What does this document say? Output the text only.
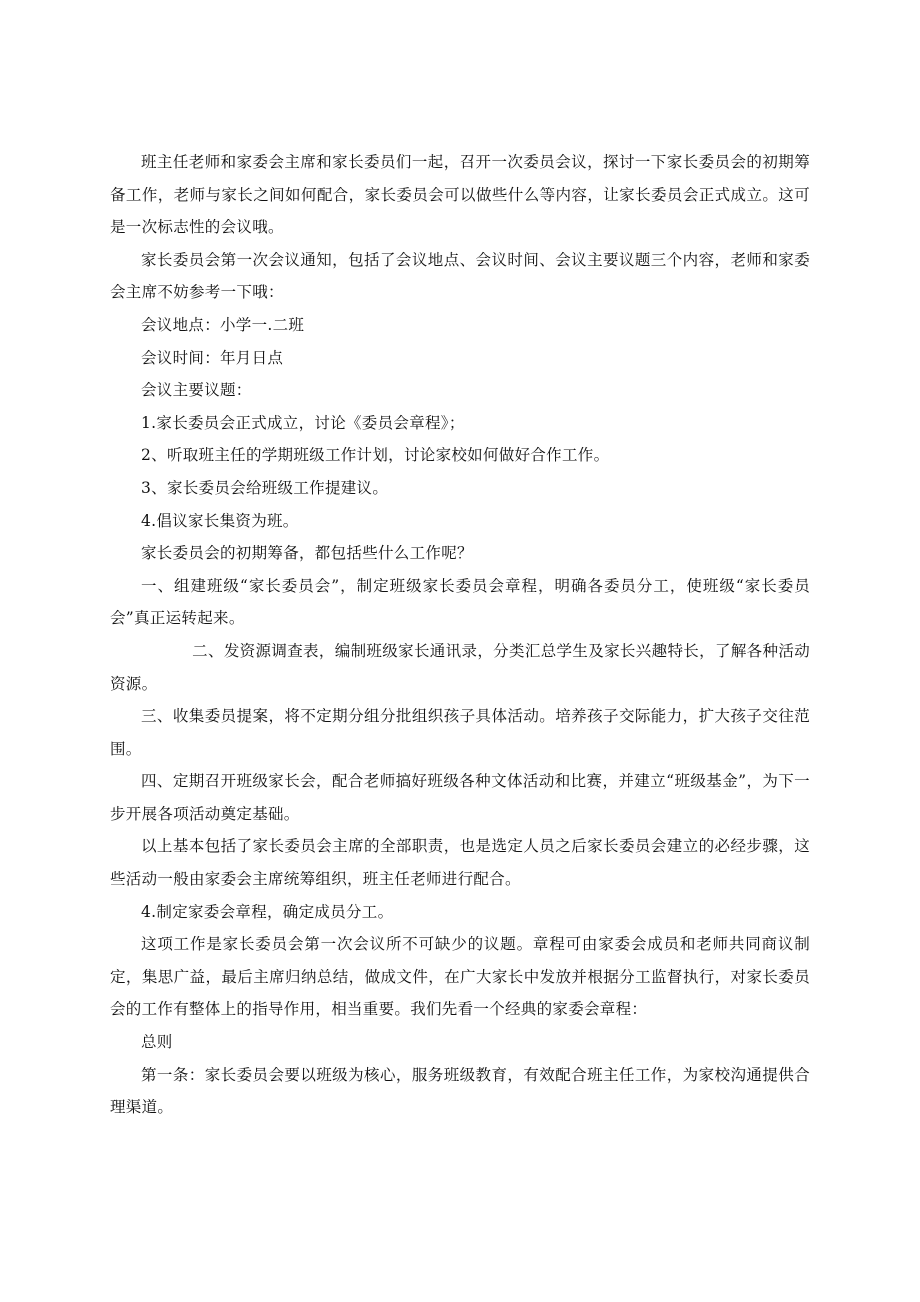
班主任老师和家委会主席和家长委员们一起，召开一次委员会议，探讨一下家长委员会的初期筹备工作，老师与家长之间如何配合，家长委员会可以做些什么等内容，让家长委员会正式成立。这可是一次标志性的会议哦。

家长委员会第一次会议通知，包括了会议地点、会议时间、会议主要议题三个内容，老师和家委会主席不妨参考一下哦：

会议地点：小学一.二班

会议时间：年月日点

会议主要议题：

1.家长委员会正式成立，讨论《委员会章程》；

2、听取班主任的学期班级工作计划，讨论家校如何做好合作工作。

3、家长委员会给班级工作提建议。

4.倡议家长集资为班。

家长委员会的初期筹备，都包括些什么工作呢？

一、组建班级“家长委员会”，制定班级家长委员会章程，明确各委员分工，使班级“家长委员会”真正运转起来。

二、发资源调查表，编制班级家长通讯录，分类汇总学生及家长兴趣特长，了解各种活动资源。

三、收集委员提案，将不定期分组分批组织孩子具体活动。培养孩子交际能力，扩大孩子交往范围。

四、定期召开班级家长会，配合老师搞好班级各种文体活动和比赛，并建立“班级基金”，为下一步开展各项活动奠定基础。

以上基本包括了家长委员会主席的全部职责，也是选定人员之后家长委员会建立的必经步骤，这些活动一般由家委会主席统筹组织，班主任老师进行配合。

4.制定家委会章程，确定成员分工。

这项工作是家长委员会第一次会议所不可缺少的议题。章程可由家委会成员和老师共同商议制定，集思广益，最后主席归纳总结，做成文件，在广大家长中发放并根据分工监督执行，对家长委员会的工作有整体上的指导作用，相当重要。我们先看一个经典的家委会章程：

总则

第一条：家长委员会要以班级为核心，服务班级教育，有效配合班主任工作，为家校沟通提供合理渠道。
